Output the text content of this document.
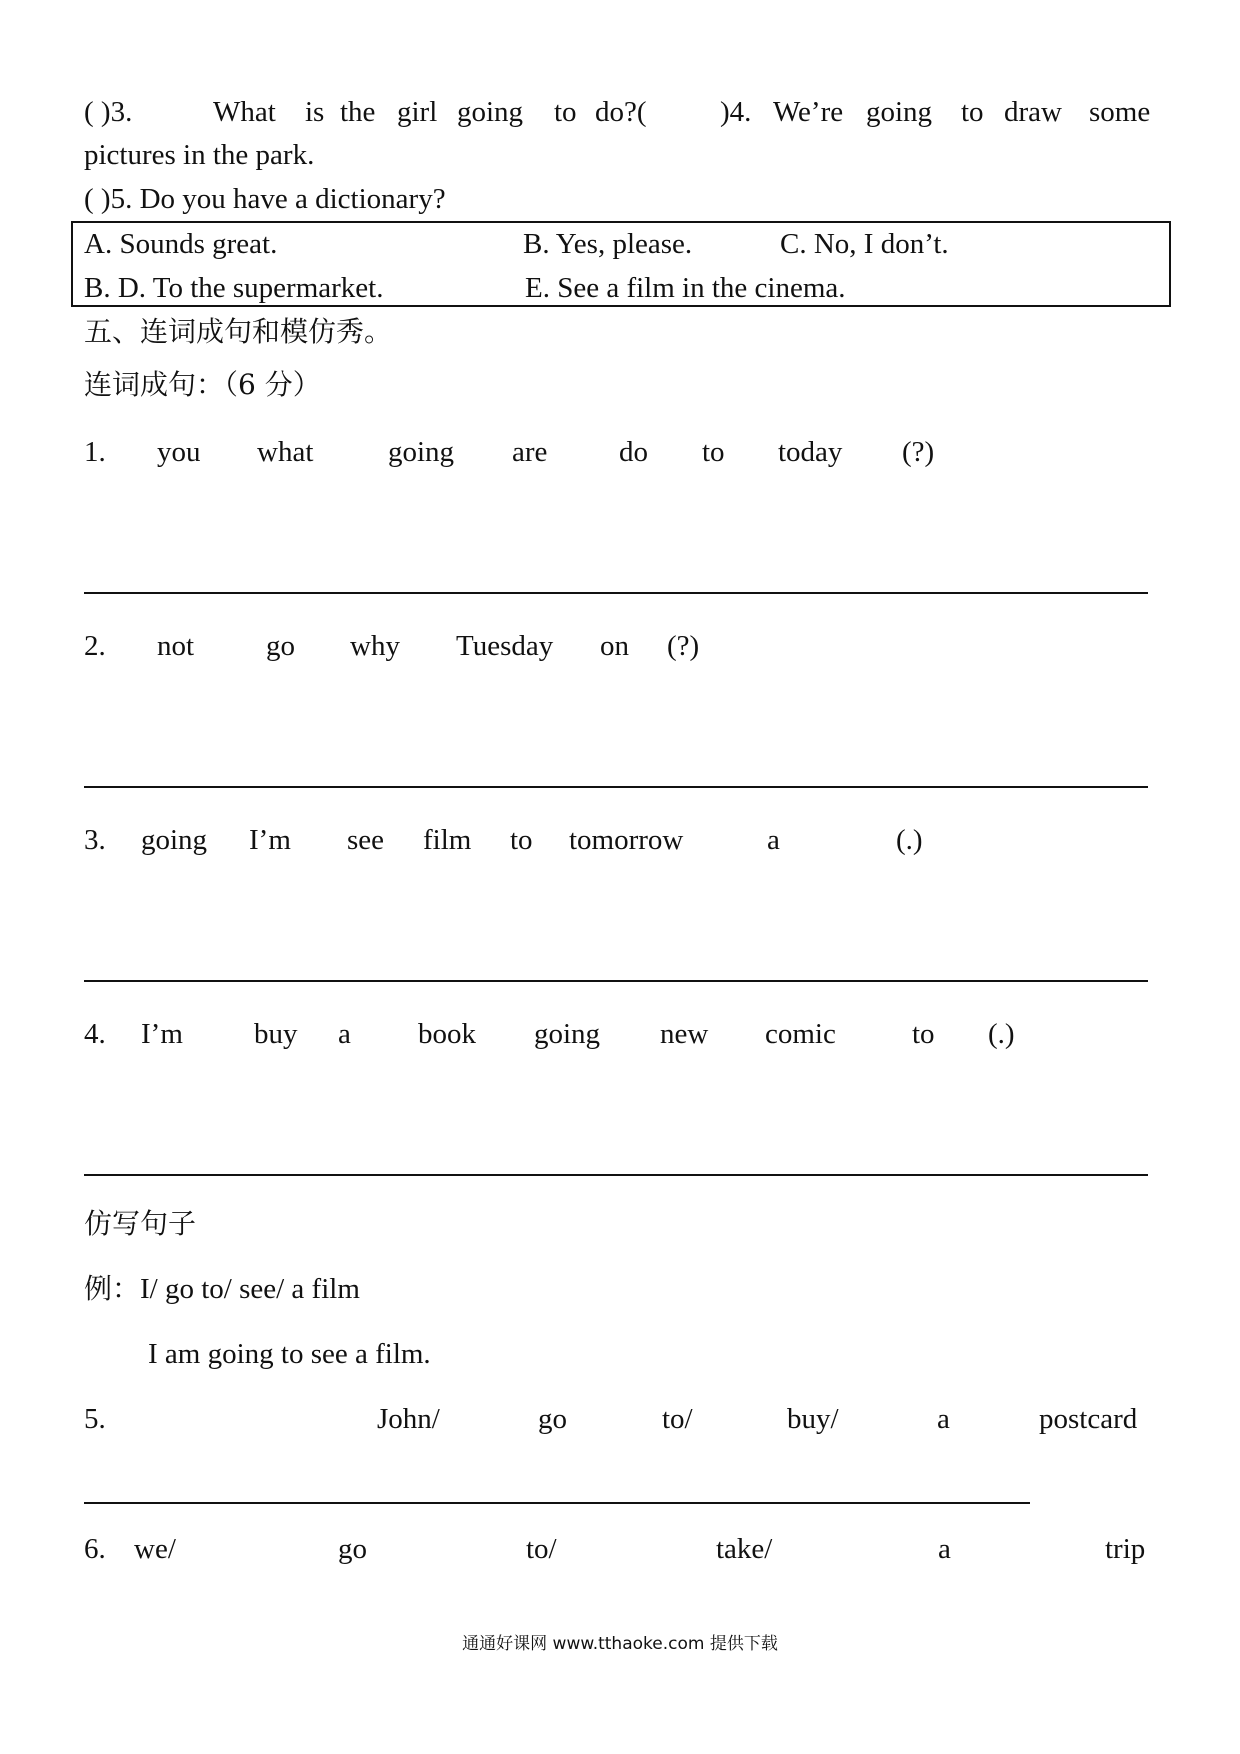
( )3.	What is the girl going to do?(	)4. We’re going to draw some
pictures in the park.
( )5. Do you have a dictionary?
A. Sounds great.	B. Yes, please.	C. No, I don’t.
B. D. To the supermarket.	E. See a film in the cinema.
五、连词成句和模仿秀。
连词成句：（6 分）
1. you what	going are do to today (?)
2. not go why Tuesday on (?)
3. going I’m see film to tomorrow	a	(.)
4. I’m buy a book going new comic	to (.)
仿写句子
例：I/ go to/ see/ a film
I am going to see a film.
5.	John/	go	to/	buy/	a	postcard
6. we/	go	to/	take/	a	trip
通通好课网 www.tthaoke.com 提供下载
